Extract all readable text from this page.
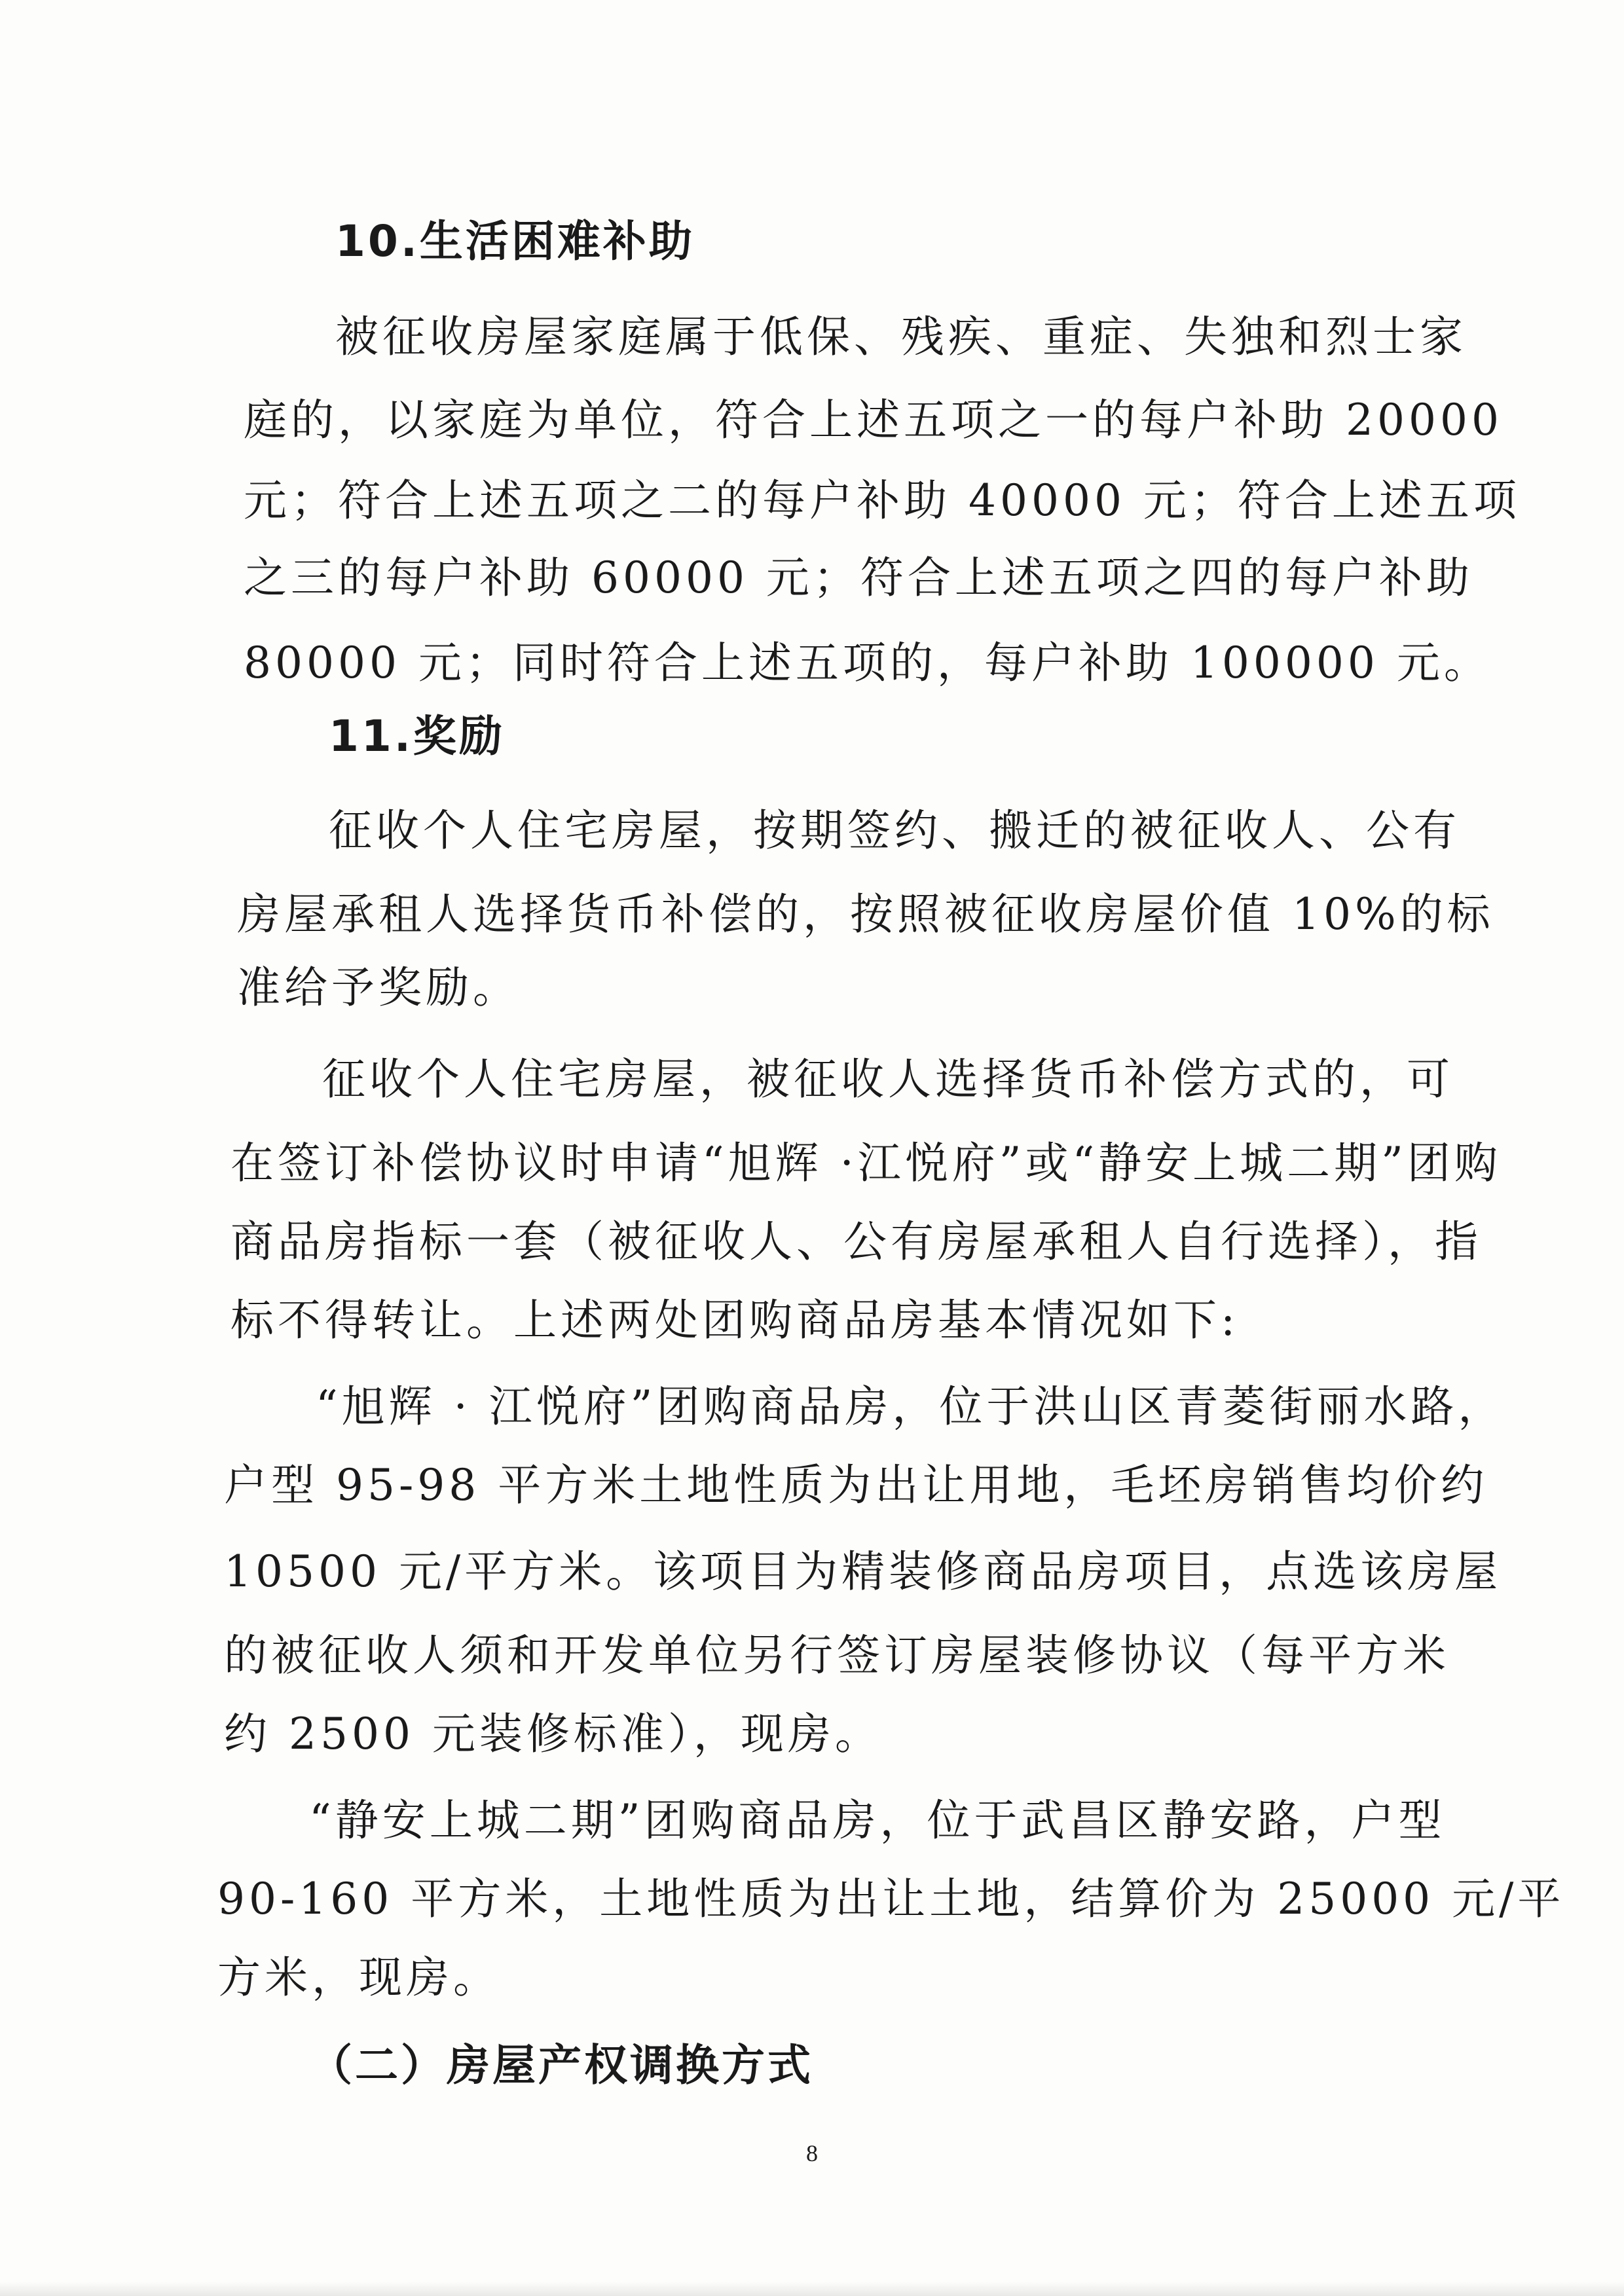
10.生活困难补助

被征收房屋家庭属于低保、残疾、重症、失独和烈士家

庭的，以家庭为单位，符合上述五项之一的每户补助 20000

元；符合上述五项之二的每户补助 40000 元；符合上述五项

之三的每户补助 60000 元；符合上述五项之四的每户补助

80000 元；同时符合上述五项的，每户补助 100000 元。

11.奖励

征收个人住宅房屋，按期签约、搬迁的被征收人、公有

房屋承租人选择货币补偿的，按照被征收房屋价值 10%的标

准给予奖励。

征收个人住宅房屋，被征收人选择货币补偿方式的，可

在签订补偿协议时申请“旭辉 ·江悦府”或“静安上城二期”团购

商品房指标一套（被征收人、公有房屋承租人自行选择），指

标不得转让。上述两处团购商品房基本情况如下:

“旭辉 · 江悦府”团购商品房，位于洪山区青菱街丽水路，

户型 95-98 平方米土地性质为出让用地，毛坯房销售均价约

10500 元/平方米。该项目为精装修商品房项目，点选该房屋

的被征收人须和开发单位另行签订房屋装修协议（每平方米

约 2500 元装修标准），现房。

“静安上城二期”团购商品房，位于武昌区静安路，户型

90-160 平方米，土地性质为出让土地，结算价为 25000 元/平

方米，现房。

（二）房屋产权调换方式

8
